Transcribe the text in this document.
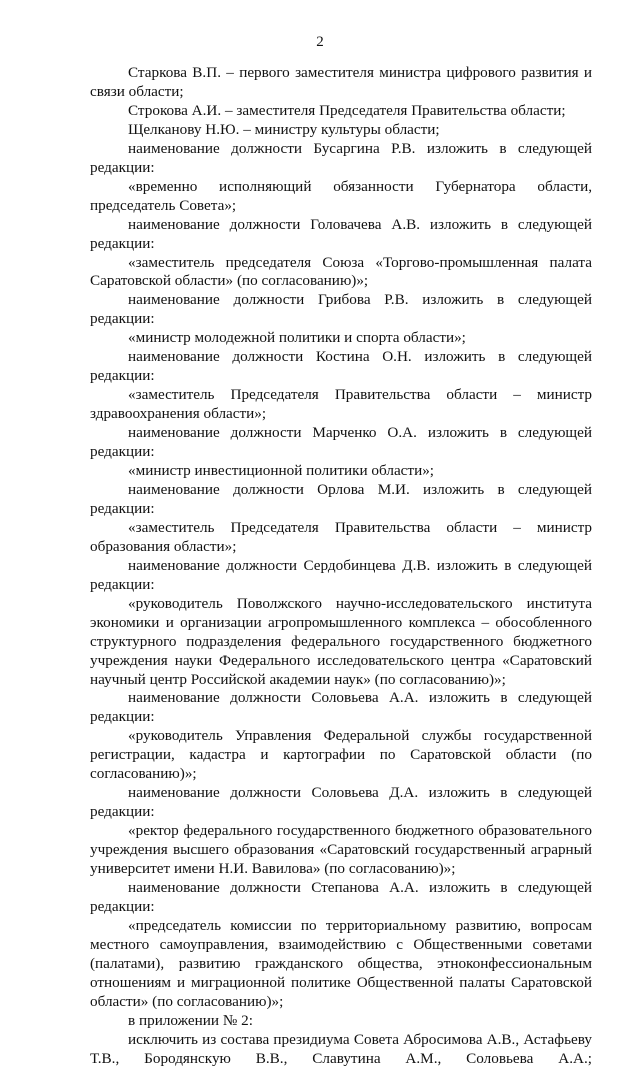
2

Старкова В.П. – первого заместителя министра цифрового развития и связи области;

Строкова А.И. – заместителя Председателя Правительства области;

Щелканову Н.Ю. – министру культуры области;

наименование должности Бусаргина Р.В. изложить в следующей редакции:

«временно исполняющий обязанности Губернатора области, председатель Совета»;

наименование должности Головачева А.В. изложить в следующей редакции:

«заместитель председателя Союза «Торгово-промышленная палата Саратовской области» (по согласованию)»;

наименование должности Грибова Р.В. изложить в следующей редакции:

«министр молодежной политики и спорта области»;

наименование должности Костина О.Н. изложить в следующей редакции:

«заместитель Председателя Правительства области – министр здравоохранения области»;

наименование должности Марченко О.А. изложить в следующей редакции:

«министр инвестиционной политики области»;

наименование должности Орлова М.И. изложить в следующей редакции:

«заместитель Председателя Правительства области – министр образования области»;

наименование должности Сердобинцева Д.В. изложить в следующей редакции:

«руководитель Поволжского научно-исследовательского института экономики и организации агропромышленного комплекса – обособленного структурного подразделения федерального государственного бюджетного учреждения науки Федерального исследовательского центра «Саратовский научный центр Российской академии наук» (по согласованию)»;

наименование должности Соловьева А.А. изложить в следующей редакции:

«руководитель Управления Федеральной службы государственной регистрации, кадастра и картографии по Саратовской области (по согласованию)»;

наименование должности Соловьева Д.А. изложить в следующей редакции:

«ректор федерального государственного бюджетного образовательного учреждения высшего образования «Саратовский государственный аграрный университет имени Н.И. Вавилова» (по согласованию)»;

наименование должности Степанова А.А. изложить в следующей редакции:

«председатель комиссии по территориальному развитию, вопросам местного самоуправления, взаимодействию с Общественными советами (палатами), развитию гражданского общества, этноконфессиональным отношениям и миграционной политике Общественной палаты Саратовской области» (по согласованию)»;

в приложении № 2:

исключить из состава президиума Совета Абросимова А.В., Астафьеву Т.В., Бородянскую В.В., Славутина А.М., Соловьева А.А.;
